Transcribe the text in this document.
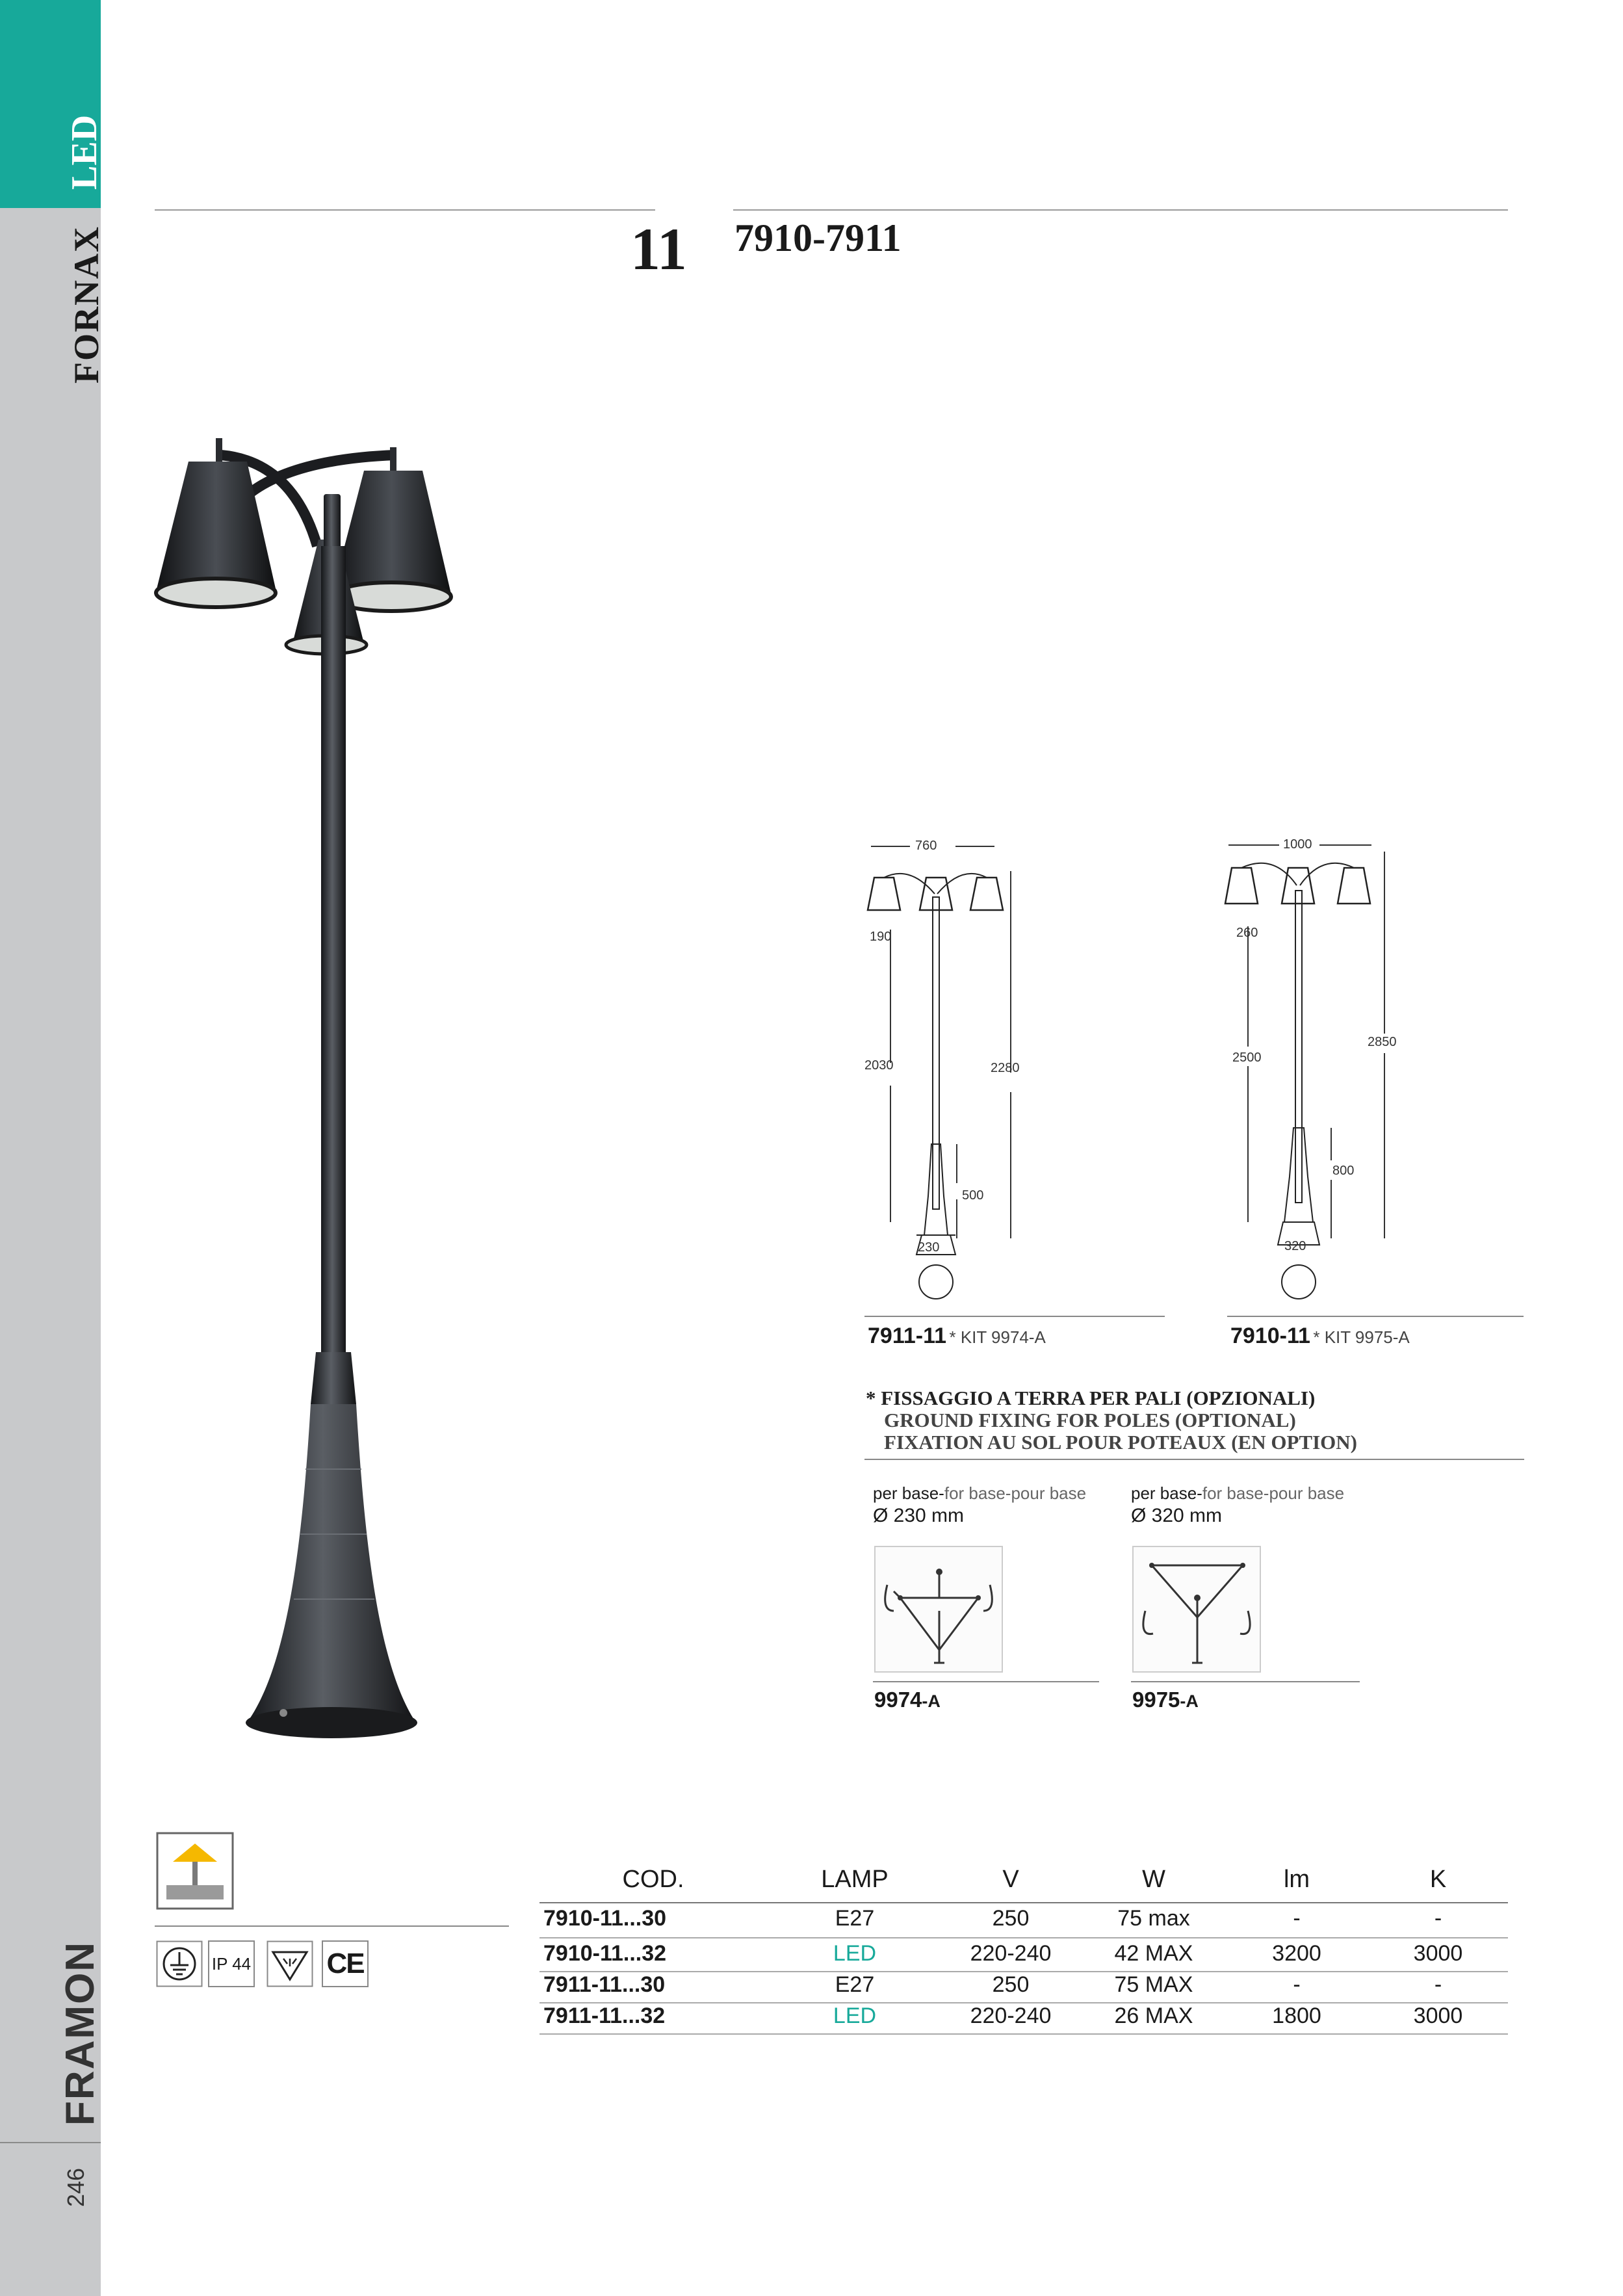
LED
FORNAX
FRAMON
246
11 7910-7911
760
190
2030	2280
500
230
7911-11 * KIT 9974-A
1000
260
2500
2850
800
320
7910-11 * KIT 9975-A
* FISSAGGIO A TERRA PER PALI (OPZIONALI)
GROUND FIXING FOR POLES (OPTIONAL)
FIXATION AU SOL POUR POTEAUX (EN OPTION)
per base-for base-pour base
Ø 230 mm
9974-A
per base-for base-pour base
Ø 320 mm
9975-A
IP 44	CE
COD.	LAMP	V	W	lm	K
7910-11...30	E27	250	75 max	-	-
7910-11...32	LED	220-240	42 MAX	3200	3000
7911-11...30	E27	250	75 MAX	-	-
7911-11...32	LED	220-240	26 MAX	1800	3000
